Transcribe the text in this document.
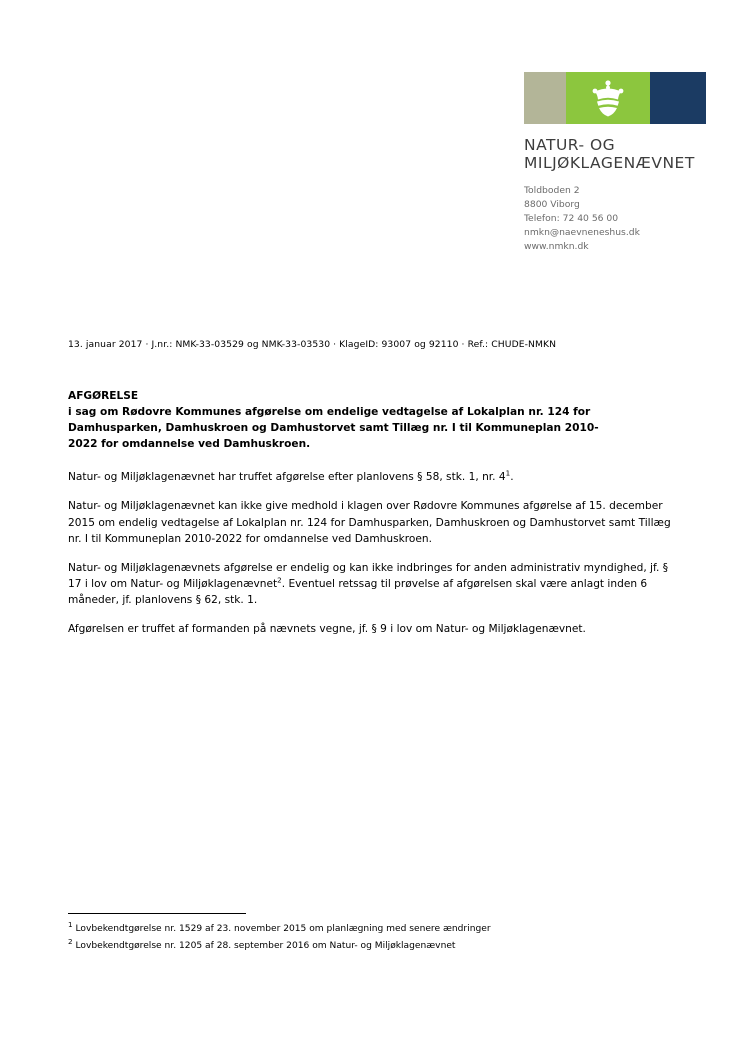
NATUR- OG
MILJØKLAGENÆVNET
Toldboden 2
8800 Viborg
Telefon: 72 40 56 00
nmkn@naevneneshus.dk
www.nmkn.dk
13. januar 2017 · J.nr.: NMK-33-03529 og NMK-33-03530 · KlageID: 93007 og 92110 · Ref.: CHUDE-NMKN
AFGØRELSE
i sag om Rødovre Kommunes afgørelse om endelige vedtagelse af Lokalplan nr. 124 for
Damhusparken, Damhuskroen og Damhustorvet samt Tillæg nr. I til Kommuneplan 2010-
2022 for omdannelse ved Damhuskroen.

Natur- og Miljøklagenævnet har truffet afgørelse efter planlovens § 58, stk. 1, nr. $4^1$.

Natur- og Miljøklagenævnet kan ikke give medhold i klagen over Rødovre Kommunes afgørelse af 15. december 2015 om endelig vedtagelse af Lokalplan nr. 124 for Damhusparken, Damhuskroen og Damhustorvet samt Tillæg nr. I til Kommuneplan 2010-2022 for omdannelse ved Damhuskroen.

Natur- og Miljøklagenævnets afgørelse er endelig og kan ikke indbringes for anden administrativ myndighed, jf. § 17 i lov om Natur- og Miljøklagenævnet$^2$. Eventuel retssag til prøvelse af afgørelsen skal være anlagt inden 6 måneder, jf. planlovens § 62, stk. 1.

Afgørelsen er truffet af formanden på nævnets vegne, jf. § 9 i lov om Natur- og Miljøklagenævnet.

$^1$ Lovbekendtgørelse nr. 1529 af 23. november 2015 om planlægning med senere ændringer
$^2$ Lovbekendtgørelse nr. 1205 af 28. september 2016 om Natur- og Miljøklagenævnet
